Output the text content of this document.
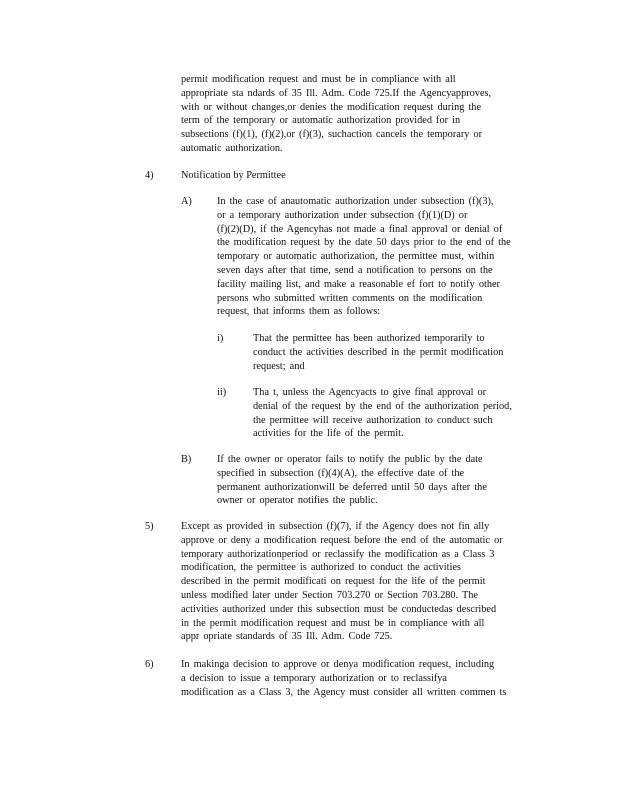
permit modification request and must be in compliance with all
appropriate sta ndards of 35 Ill. Adm. Code 725.If the Agencyapproves,
with or without changes,or denies the modification request during the
term of the temporary or automatic authorization provided for in
subsections (f)(1), (f)(2),or (f)(3), suchaction cancels the temporary or
automatic authorization.
4)	Notification by Permittee
A) In the case of anautomatic authorization under subsection (f)(3),
or a temporary authorization under subsection (f)(1)(D) or
(f)(2)(D), if the Agencyhas not made a final approval or denial of
the modification request by the date 50 days prior to the end of the
temporary or automatic authorization, the permittee must, within
seven days after that time, send a notification to persons on the
facility mailing list, and make a reasonable ef fort to notify other
persons who submitted written comments on the modification
request, that informs them as follows:
i)	That the permittee has been authorized temporarily to
conduct the activities described in the permit modification
request; and
ii)	Tha t, unless the Agencyacts to give final approval or
denial of the request by the end of the authorization period,
the permittee will receive authorization to conduct such
activities for the life of the permit.
B) If the owner or operator fails to notify the public by the date
specified in subsection (f)(4)(A), the effective date of the
permanent authorizationwill be deferred until 50 days after the
owner or operator notifies the public.
5)	Except as provided in subsection (f)(7), if the Agency does not fin ally
approve or deny a modification request before the end of the automatic or
temporary authorizationperiod or reclassify the modification as a Class 3
modification, the permittee is authorized to conduct the activities
described in the permit modificati on request for the life of the permit
unless modified later under Section 703.270 or Section 703.280. The
activities authorized under this subsection must be conductedas described
in the permit modification request and must be in compliance with all
appr opriate standards of 35 Ill. Adm. Code 725.
6)	In makinga decision to approve or denya modification request, including
a decision to issue a temporary authorization or to reclassifya
modification as a Class 3, the Agency must consider all written commen ts
